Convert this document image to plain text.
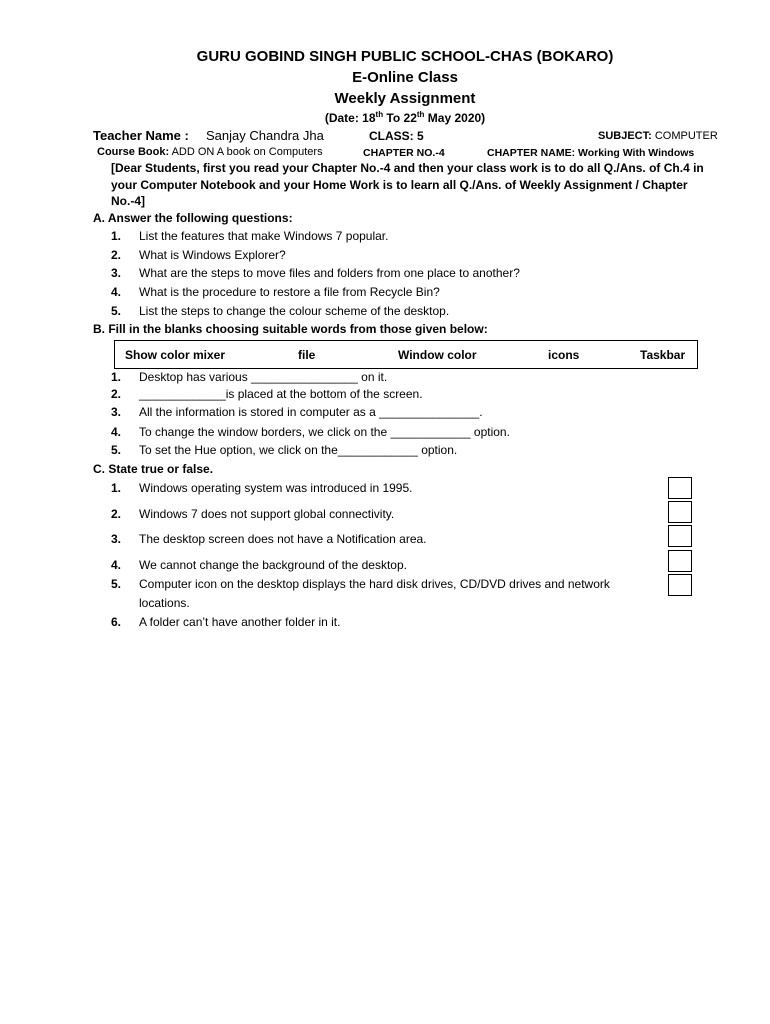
GURU GOBIND SINGH PUBLIC SCHOOL-CHAS (BOKARO)
E-Online Class
Weekly Assignment
(Date: 18th To 22th May 2020)
Teacher Name : Sanjay Chandra Jha	CLASS: 5	SUBJECT: COMPUTER
Course Book: ADD ON A book on Computers	CHAPTER NO.-4	CHAPTER NAME: Working With Windows
[Dear Students, first you read your Chapter No.-4 and then your class work is to do all Q./Ans. of Ch.4 in your Computer Notebook and your Home Work is to learn all Q./Ans. of Weekly Assignment / Chapter No.-4]
A. Answer the following questions:
1. List the features that make Windows 7 popular.
2. What is Windows Explorer?
3. What are the steps to move files and folders from one place to another?
4. What is the procedure to restore a file from Recycle Bin?
5. List the steps to change the colour scheme of the desktop.
B. Fill in the blanks choosing suitable words from those given below:
Show color mixer	file	Window color	icons	Taskbar
1. Desktop has various ________________ on it.
2. _____________is placed at the bottom of the screen.
3. All the information is stored in computer as a _______________.
4. To change the window borders, we click on the ____________ option.
5. To set the Hue option, we click on the____________ option.
C. State true or false.
1. Windows operating system was introduced in 1995.
2. Windows 7 does not support global connectivity.
3. The desktop screen does not have a Notification area.
4. We cannot change the background of the desktop.
5. Computer icon on the desktop displays the hard disk drives, CD/DVD drives and network
locations.
6. A folder can’t have another folder in it.
